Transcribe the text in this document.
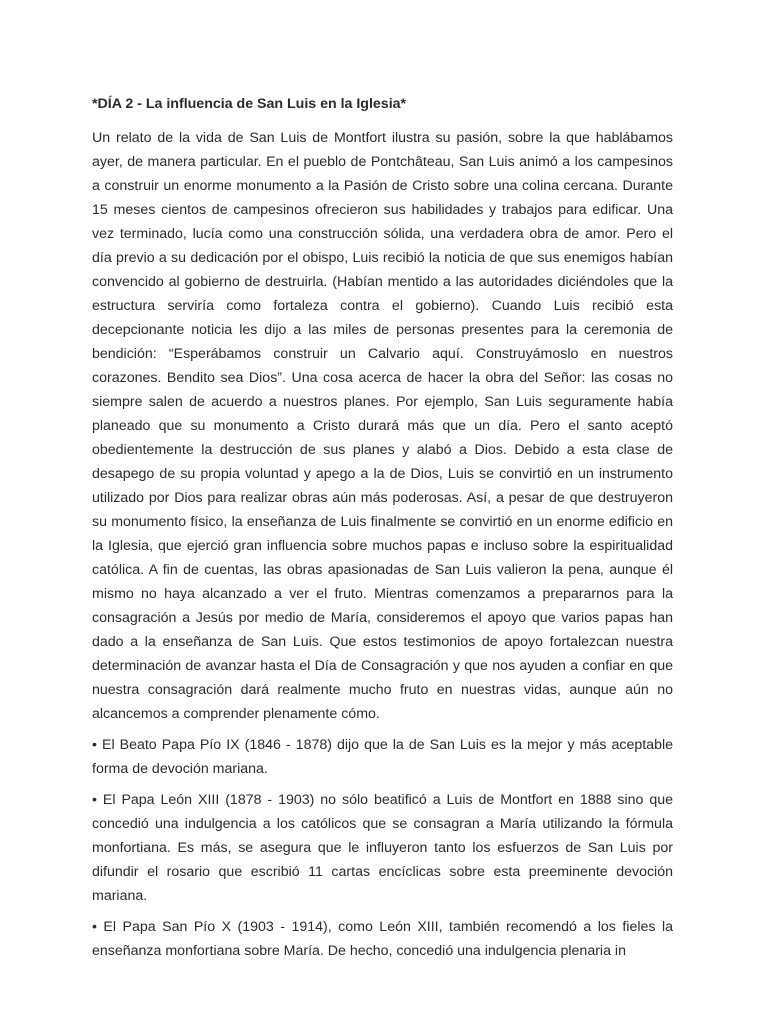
*DÍA 2 - La influencia de San Luis en la Iglesia*

Un relato de la vida de San Luis de Montfort ilustra su pasión, sobre la que hablábamos ayer, de manera particular. En el pueblo de Pontchâteau, San Luis animó a los campesinos a construir un enorme monumento a la Pasión de Cristo sobre una colina cercana. Durante 15 meses cientos de campesinos ofrecieron sus habilidades y trabajos para edificar. Una vez terminado, lucía como una construcción sólida, una verdadera obra de amor. Pero el día previo a su dedicación por el obispo, Luis recibió la noticia de que sus enemigos habían convencido al gobierno de destruirla. (Habían mentido a las autoridades diciéndoles que la estructura serviría como fortaleza contra el gobierno). Cuando Luis recibió esta decepcionante noticia les dijo a las miles de personas presentes para la ceremonia de bendición: “Esperábamos construir un Calvario aquí. Construyámoslo en nuestros corazones. Bendito sea Dios”. Una cosa acerca de hacer la obra del Señor: las cosas no siempre salen de acuerdo a nuestros planes. Por ejemplo, San Luis seguramente había planeado que su monumento a Cristo durará más que un día. Pero el santo aceptó obedientemente la destrucción de sus planes y alabó a Dios. Debido a esta clase de desapego de su propia voluntad y apego a la de Dios, Luis se convirtió en un instrumento utilizado por Dios para realizar obras aún más poderosas. Así, a pesar de que destruyeron su monumento físico, la enseñanza de Luis finalmente se convirtió en un enorme edificio en la Iglesia, que ejerció gran influencia sobre muchos papas e incluso sobre la espiritualidad católica. A fin de cuentas, las obras apasionadas de San Luis valieron la pena, aunque él mismo no haya alcanzado a ver el fruto. Mientras comenzamos a prepararnos para la consagración a Jesús por medio de María, consideremos el apoyo que varios papas han dado a la enseñanza de San Luis. Que estos testimonios de apoyo fortalezcan nuestra determinación de avanzar hasta el Día de Consagración y que nos ayuden a confiar en que nuestra consagración dará realmente mucho fruto en nuestras vidas, aunque aún no alcancemos a comprender plenamente cómo.

• El Beato Papa Pío IX (1846 - 1878) dijo que la de San Luis es la mejor y más aceptable forma de devoción mariana.

• El Papa León XIII (1878 - 1903) no sólo beatificó a Luis de Montfort en 1888 sino que concedió una indulgencia a los católicos que se consagran a María utilizando la fórmula monfortiana. Es más, se asegura que le influyeron tanto los esfuerzos de San Luis por difundir el rosario que escribió 11 cartas encíclicas sobre esta preeminente devoción mariana.

• El Papa San Pío X (1903 - 1914), como León XIII, también recomendó a los fieles la enseñanza monfortiana sobre María. De hecho, concedió una indulgencia plenaria in
